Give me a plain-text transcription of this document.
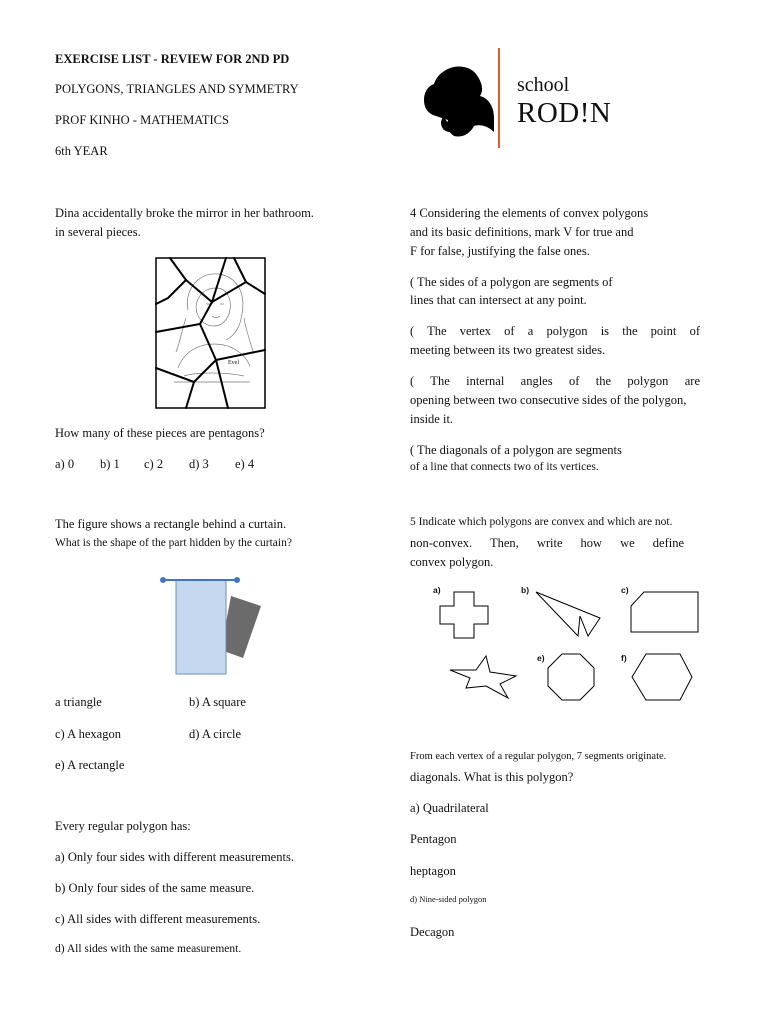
EXERCISE LIST - REVIEW FOR 2ND PD
POLYGONS, TRIANGLES AND SYMMETRY
PROF KINHO - MATHEMATICS
6th YEAR
school
ROD!N
Dina accidentally broke the mirror in her bathroom.
in several pieces.
Evel
How many of these pieces are pentagons?
a) 0 b) 1 c) 2 d) 3 e) 4
The figure shows a rectangle behind a curtain.
What is the shape of the part hidden by the curtain?
a triangle	b) A square
c) A hexagon	d) A circle
e) A rectangle
Every regular polygon has:
a) Only four sides with different measurements.
b) Only four sides of the same measure.
c) All sides with different measurements.
d) All sides with the same measurement.
4 Considering the elements of convex polygons
and its basic definitions, mark V for true and
F for false, justifying the false ones.
( The sides of a polygon are segments of
lines that can intersect at any point.
( The vertex of a polygon is the point of
meeting between its two greatest sides.
( The internal angles of the polygon are
opening between two consecutive sides of the polygon,
inside it.
( The diagonals of a polygon are segments
of a line that connects two of its vertices.
5 Indicate which polygons are convex and which are not.
non-convex. Then, write how we define
convex polygon.
a)	b)	c)
e)	f)
From each vertex of a regular polygon, 7 segments originate.
diagonals. What is this polygon?
a) Quadrilateral
Pentagon
heptagon
d) Nine-sided polygon
Decagon
